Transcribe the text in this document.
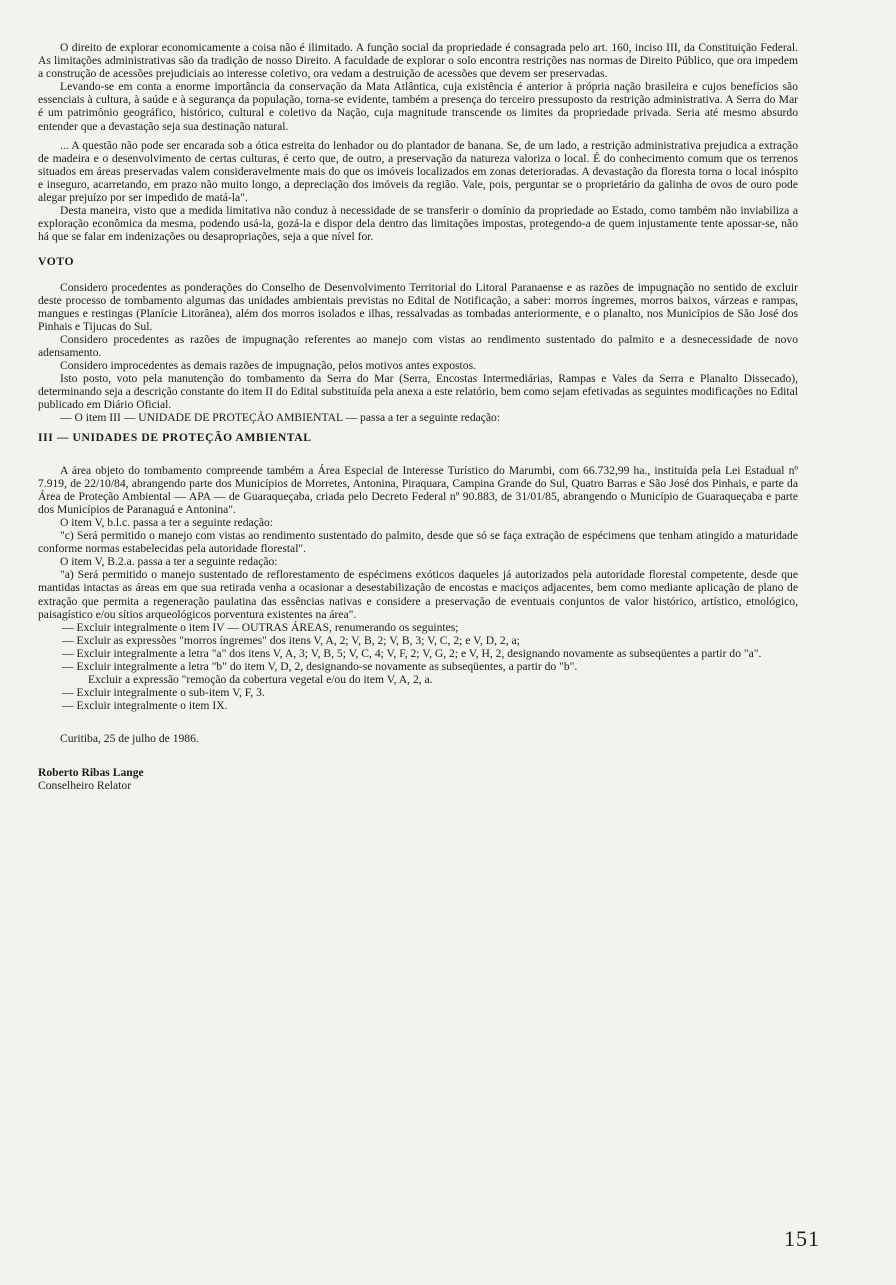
O direito de explorar economicamente a coisa não é ilimitado. A função social da propriedade é consagrada pelo art. 160, inciso III, da Constituição Federal. As limitações administrativas são da tradição de nosso Direito. A faculdade de explorar o solo encontra restrições nas normas de Direito Público, que ora impedem a construção de acessões prejudiciais ao interesse coletivo, ora vedam a destruição de acessões que devem ser preservadas.

Levando-se em conta a enorme importância da conservação da Mata Atlântica, cuja existência é anterior à própria nação brasileira e cujos benefícios são essenciais à cultura, à saúde e à segurança da população, torna-se evidente, também a presença do terceiro pressuposto da restrição administrativa. A Serra do Mar é um patrimônio geográfico, histórico, cultural e coletivo da Nação, cuja magnitude transcende os limites da propriedade privada. Seria até mesmo absurdo entender que a devastação seja sua destinação natural.

... A questão não pode ser encarada sob a ótica estreita do lenhador ou do plantador de banana. Se, de um lado, a restrição administrativa prejudica a extração de madeira e o desenvolvimento de certas culturas, é certo que, de outro, a preservação da natureza valoriza o local. É do conhecimento comum que os terrenos situados em áreas preservadas valem consideravelmente mais do que os imóveis localizados em zonas deterioradas. A devastação da floresta torna o local inóspito e inseguro, acarretando, em prazo não muito longo, a depreciação dos imóveis da região. Vale, pois, perguntar se o proprietário da galinha de ovos de ouro pode alegar prejuízo por ser impedido de matá-la".

Desta maneira, visto que a medida limitativa não conduz à necessidade de se transferir o domínio da propriedade ao Estado, como também não inviabiliza a exploração econômica da mesma, podendo usá-la, gozá-la e dispor dela dentro das limitações impostas, protegendo-a de quem injustamente tente apossar-se, não há que se falar em indenizações ou desapropriações, seja a que nível for.

VOTO

Considero procedentes as ponderações do Conselho de Desenvolvimento Territorial do Litoral Paranaense e as razões de impugnação no sentido de excluir deste processo de tombamento algumas das unidades ambientais previstas no Edital de Notificação, a saber: morros íngremes, morros baixos, várzeas e rampas, mangues e restingas (Planície Litorânea), além dos morros isolados e ilhas, ressalvadas as tombadas anteriormente, e o planalto, nos Municípios de São José dos Pinhais e Tijucas do Sul.

Considero procedentes as razões de impugnação referentes ao manejo com vistas ao rendimento sustentado do palmito e a desnecessidade de novo adensamento.

Considero improcedentes as demais razões de impugnação, pelos motivos antes expostos.

Isto posto, voto pela manutenção do tombamento da Serra do Mar (Serra, Encostas Intermediárias, Rampas e Vales da Serra e Planalto Dissecado), determinando seja a descrição constante do item II do Edital substituída pela anexa a este relatório, bem como sejam efetivadas as seguintes modificações no Edital publicado em Diário Oficial.

— O item III — UNIDADE DE PROTEÇÃO AMBIENTAL — passa a ter a seguinte redação:

III — UNIDADES DE PROTEÇÃO AMBIENTAL

A área objeto do tombamento compreende também a Área Especial de Interesse Turístico do Marumbi, com 66.732,99 ha., instituída pela Lei Estadual nº 7.919, de 22/10/84, abrangendo parte dos Municípios de Morretes, Antonina, Piraquara, Campina Grande do Sul, Quatro Barras e São José dos Pinhais, e parte da Área de Proteção Ambiental — APA — de Guaraqueçaba, criada pelo Decreto Federal nº 90.883, de 31/01/85, abrangendo o Município de Guaraqueçaba e parte dos Municípios de Paranaguá e Antonina".

O item V, b.l.c. passa a ter a seguinte redação:

"c) Será permitido o manejo com vistas ao rendimento sustentado do palmito, desde que só se faça extração de espécimens que tenham atingido a maturidade conforme normas estabelecidas pela autoridade florestal".

O item V, B.2.a. passa a ter a seguinte redação:

"a) Será permitido o manejo sustentado de reflorestamento de espécimens exóticos daqueles já autorizados pela autoridade florestal competente, desde que mantidas intactas as áreas em que sua retirada venha a ocasionar a desestabilização de encostas e maciços adjacentes, bem como mediante aplicação de plano de extração que permita a regeneração paulatina das essências nativas e considere a preservação de eventuais conjuntos de valor histórico, artístico, etnológico, paisagístico e/ou sítios arqueológicos porventura existentes na área".

— Excluir integralmente o item IV — OUTRAS ÁREAS, renumerando os seguintes;
— Excluir as expressões "morros íngremes" dos itens V, A, 2; V, B, 2; V, B, 3; V, C, 2; e V, D, 2, a;
— Excluir integralmente a letra "a" dos itens V, A, 3; V, B, 5; V, C, 4; V, F, 2; V, G, 2; e V, H, 2, designando novamente as subseqüentes a partir do "a".
— Excluir integralmente a letra "b" do item V, D, 2, designando-se novamente as subseqüentes, a partir do "b".
Excluir a expressão "remoção da cobertura vegetal e/ou do item V, A, 2, a.
— Excluir integralmente o sub-item V, F, 3.
— Excluir integralmente o item IX.

Curitiba, 25 de julho de 1986.

Roberto Ribas Lange

Conselheiro Relator

151
